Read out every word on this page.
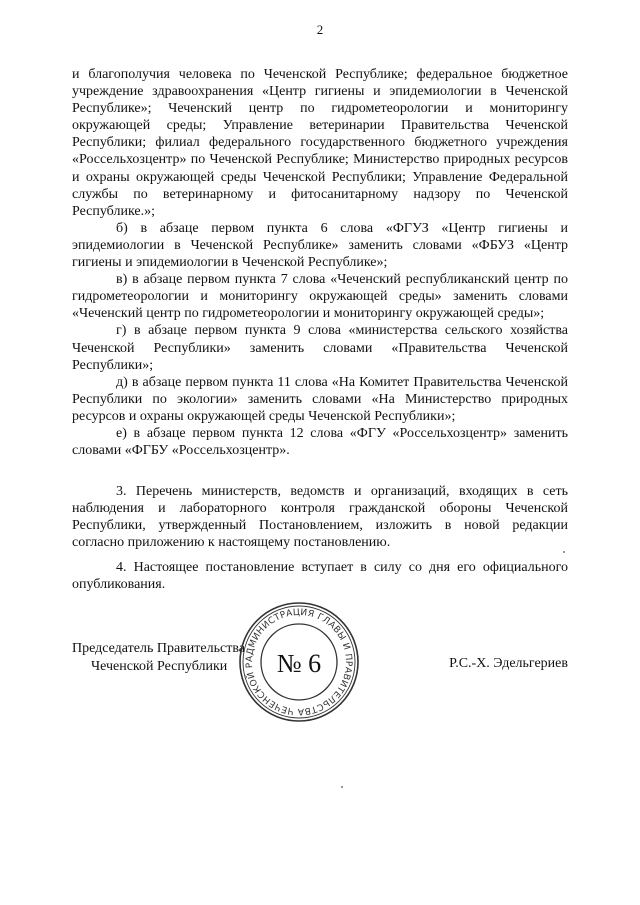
2

и благополучия человека по Чеченской Республике; федеральное бюджетное учреждение здравоохранения «Центр гигиены и эпидемиологии в Чеченской Республике»; Чеченский центр по гидрометеорологии и мониторингу окружающей среды; Управление ветеринарии Правительства Чеченской Республики; филиал федерального государственного бюджетного учреждения «Россельхозцентр» по Чеченской Республике; Министерство природных ресурсов и охраны окружающей среды Чеченской Республики; Управление Федеральной службы по ветеринарному и фитосанитарному надзору по Чеченской Республике.»;

б) в абзаце первом пункта 6 слова «ФГУЗ «Центр гигиены и эпидемиологии в Чеченской Республике» заменить словами «ФБУЗ «Центр гигиены и эпидемиологии в Чеченской Республике»;

в) в абзаце первом пункта 7 слова «Чеченский республиканский центр по гидрометеорологии и мониторингу окружающей среды» заменить словами «Чеченский центр по гидрометеорологии и мониторингу окружающей среды»;

г) в абзаце первом пункта 9 слова «министерства сельского хозяйства Чеченской Республики» заменить словами «Правительства Чеченской Республики»;

д) в абзаце первом пункта 11 слова «На Комитет Правительства Чеченской Республики по экологии» заменить словами «На Министерство природных ресурсов и охраны окружающей среды Чеченской Республики»;

е) в абзаце первом пункта 12 слова «ФГУ «Россельхозцентр» заменить словами «ФГБУ «Россельхозцентр».

3. Перечень министерств, ведомств и организаций, входящих в сеть наблюдения и лабораторного контроля гражданской обороны Чеченской Республики, утвержденный Постановлением, изложить в новой редакции согласно приложению к настоящему постановлению.

4. Настоящее постановление вступает в силу со дня его официального опубликования.

Председатель Правительства
Чеченской Республики	Р.С.-Х. Эдельгериев
АДМИНИСТРАЦИЯ ГЛАВЫ И ПРАВИТЕЛЬСТВА ЧЕЧЕНСКОЙ Р № 6
